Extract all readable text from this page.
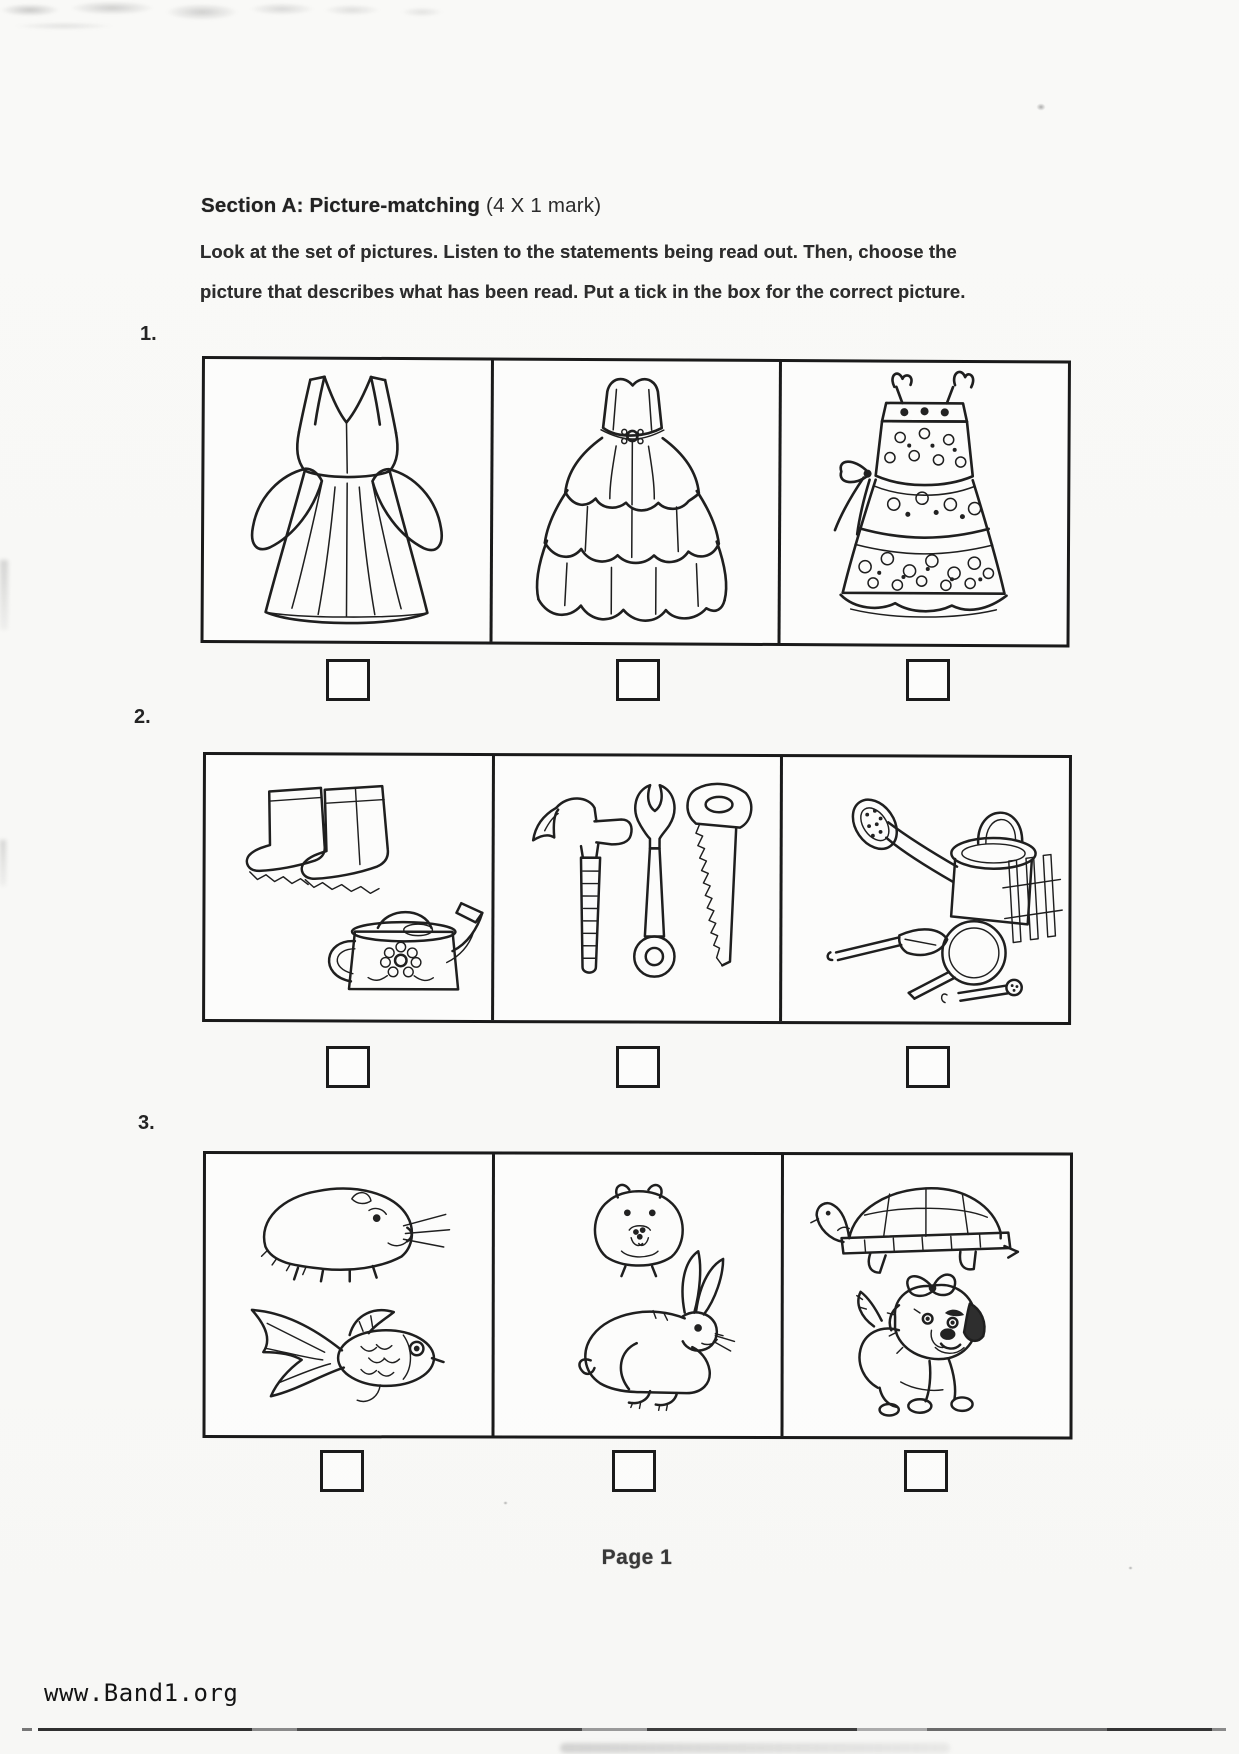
Section A: Picture-matching (4 X 1 mark)
Look at the set of pictures. Listen to the statements being read out. Then, choose the
picture that describes what has been read. Put a tick in the box for the correct picture.
1.
2.
3.
Page 1
www.Band1.org
